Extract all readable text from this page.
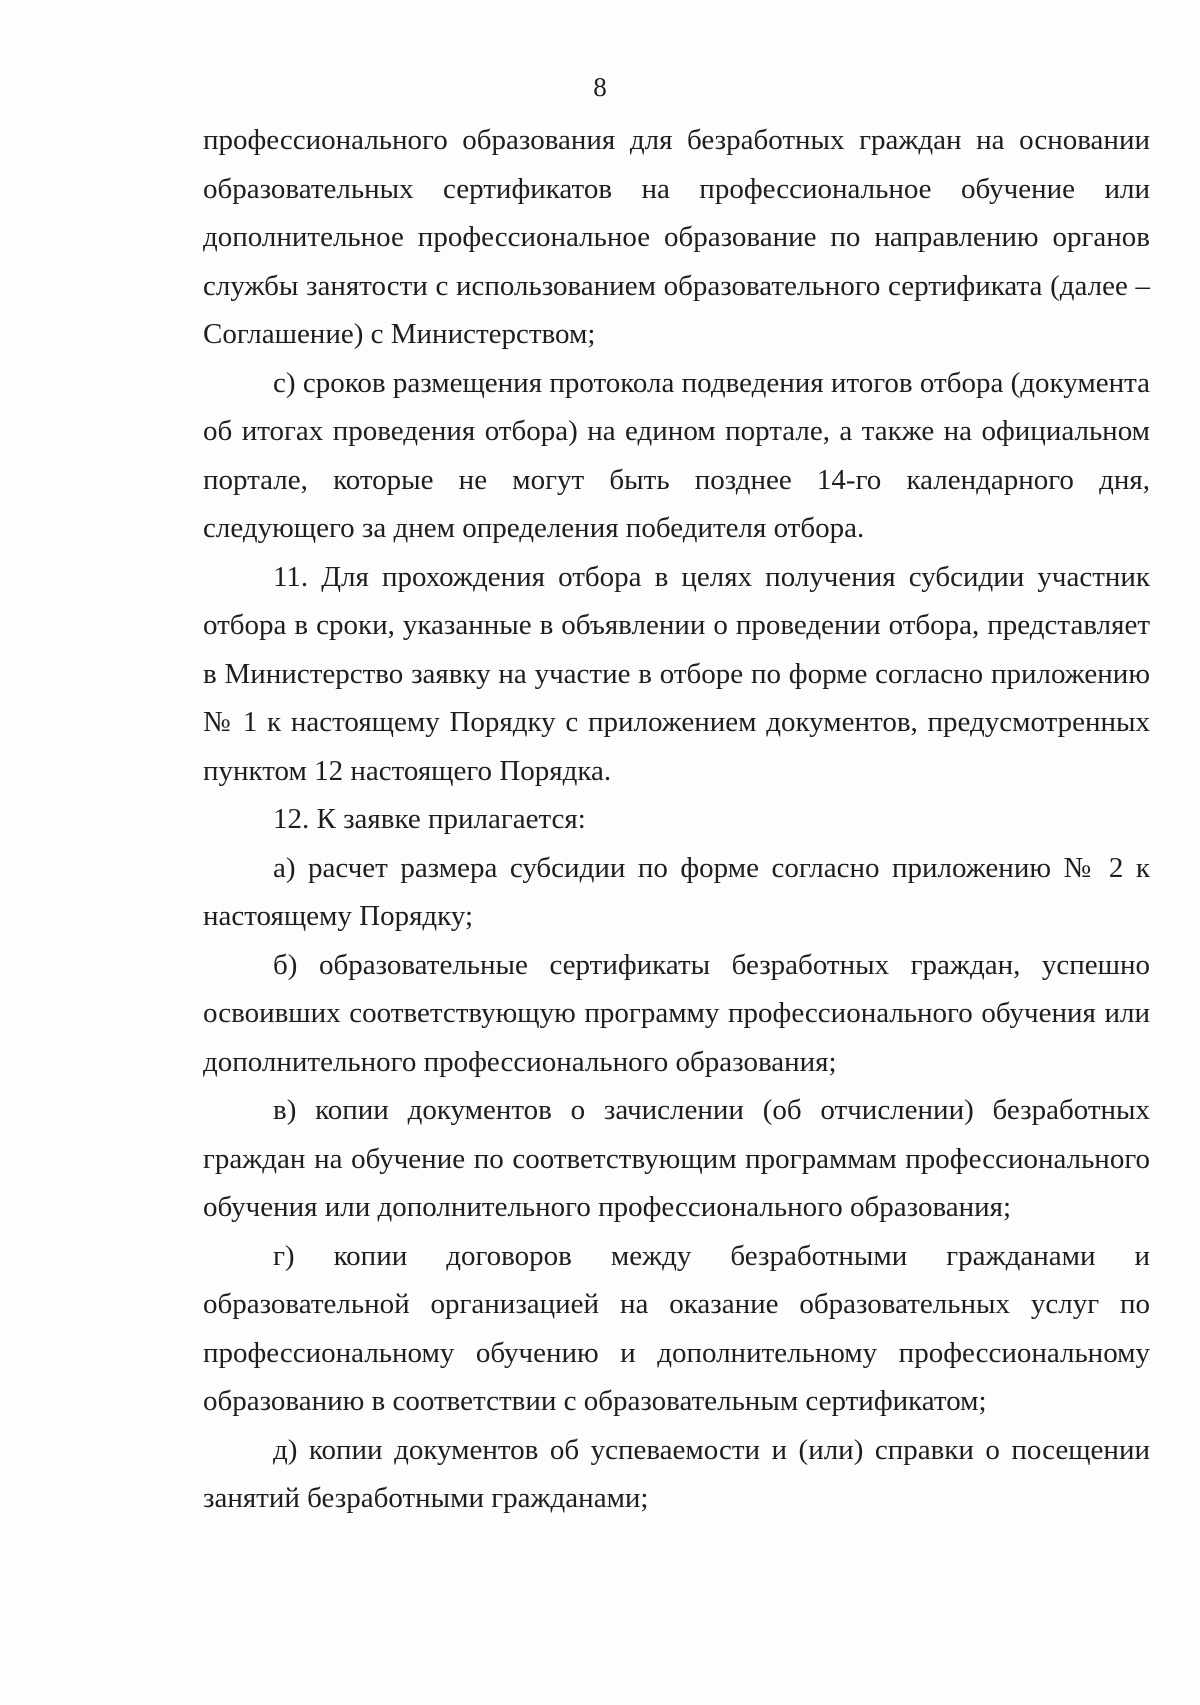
8

профессионального образования для безработных граждан на основании образовательных сертификатов на профессиональное обучение или дополнительное профессиональное образование по направлению органов службы занятости с использованием образовательного сертификата (далее – Соглашение) с Министерством;

с) сроков размещения протокола подведения итогов отбора (документа об итогах проведения отбора) на едином портале, а также на официальном портале, которые не могут быть позднее 14-го календарного дня, следующего за днем определения победителя отбора.

11. Для прохождения отбора в целях получения субсидии участник отбора в сроки, указанные в объявлении о проведении отбора, представляет в Министерство заявку на участие в отборе по форме согласно приложению № 1 к настоящему Порядку с приложением документов, предусмотренных пунктом 12 настоящего Порядка.

12. К заявке прилагается:

а) расчет размера субсидии по форме согласно приложению № 2 к настоящему Порядку;

б) образовательные сертификаты безработных граждан, успешно освоивших соответствующую программу профессионального обучения или дополнительного профессионального образования;

в) копии документов о зачислении (об отчислении) безработных граждан на обучение по соответствующим программам профессионального обучения или дополнительного профессионального образования;

г) копии договоров между безработными гражданами и образовательной организацией на оказание образовательных услуг по профессиональному обучению и дополнительному профессиональному образованию в соответствии с образовательным сертификатом;

д) копии документов об успеваемости и (или) справки о посещении занятий безработными гражданами;
